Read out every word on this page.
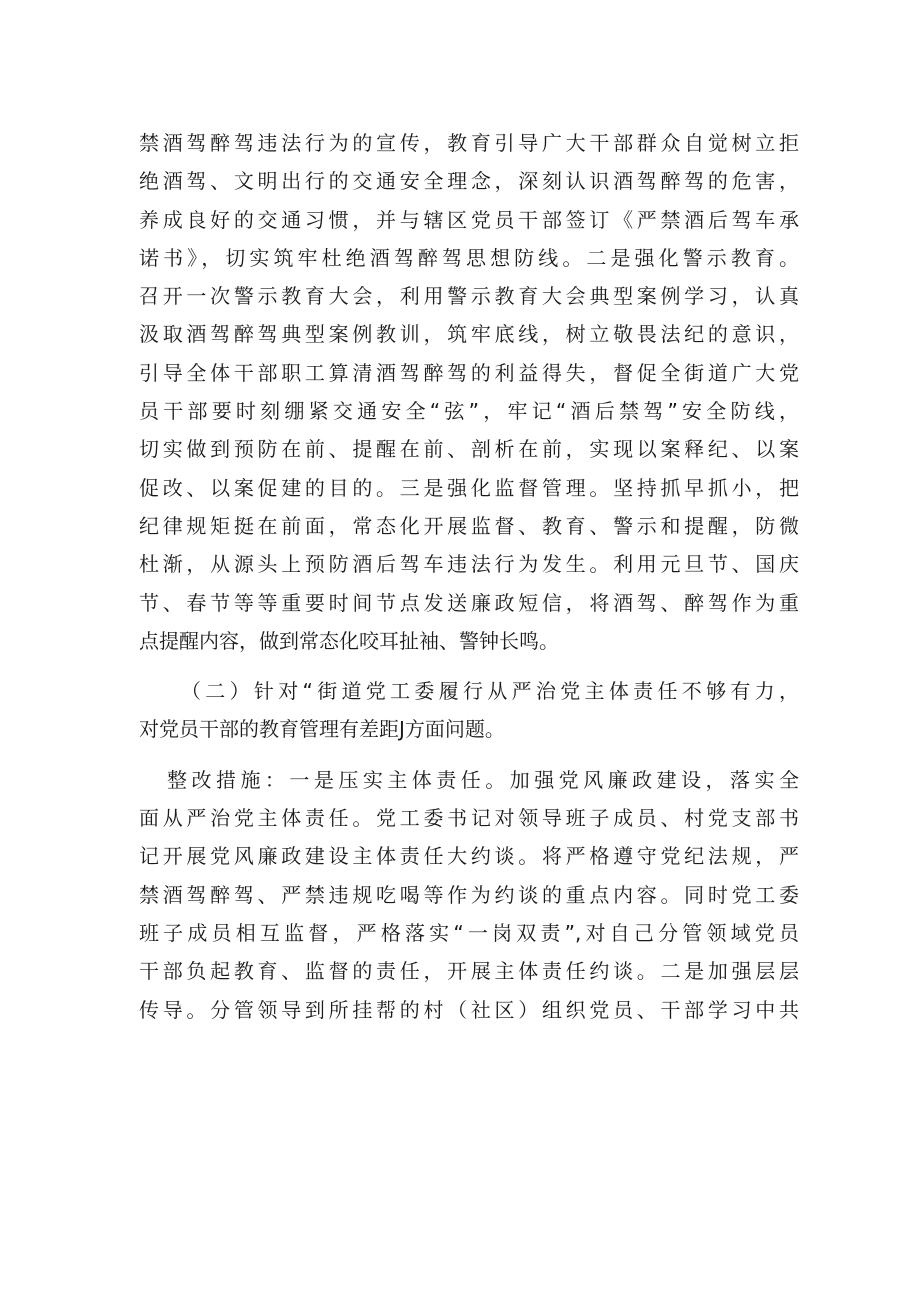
禁酒驾醉驾违法行为的宣传，教育引导广大干部群众自觉树立拒
绝酒驾、文明出行的交通安全理念，深刻认识酒驾醉驾的危害，
养成良好的交通习惯，并与辖区党员干部签订《严禁酒后驾车承
诺书》，切实筑牢杜绝酒驾醉驾思想防线。二是强化警示教育。
召开一次警示教育大会，利用警示教育大会典型案例学习，认真
汲取酒驾醉驾典型案例教训，筑牢底线，树立敬畏法纪的意识，
引导全体干部职工算清酒驾醉驾的利益得失，督促全街道广大党
员干部要时刻绷紧交通安全“弦”，牢记“酒后禁驾”安全防线，
切实做到预防在前、提醒在前、剖析在前，实现以案释纪、以案
促改、以案促建的目的。三是强化监督管理。坚持抓早抓小，把
纪律规矩挺在前面，常态化开展监督、教育、警示和提醒，防微
杜渐，从源头上预防酒后驾车违法行为发生。利用元旦节、国庆
节、春节等等重要时间节点发送廉政短信，将酒驾、醉驾作为重
点提醒内容，做到常态化咬耳扯袖、警钟长鸣。
（二）针对“街道党工委履行从严治党主体责任不够有力，
对党员干部的教育管理有差距J方面问题。
整改措施：一是压实主体责任。加强党风廉政建设，落实全
面从严治党主体责任。党工委书记对领导班子成员、村党支部书
记开展党风廉政建设主体责任大约谈。将严格遵守党纪法规，严
禁酒驾醉驾、严禁违规吃喝等作为约谈的重点内容。同时党工委
班子成员相互监督，严格落实“一岗双责”,对自己分管领域党员
干部负起教育、监督的责任，开展主体责任约谈。二是加强层层
传导。分管领导到所挂帮的村（社区）组织党员、干部学习中共
